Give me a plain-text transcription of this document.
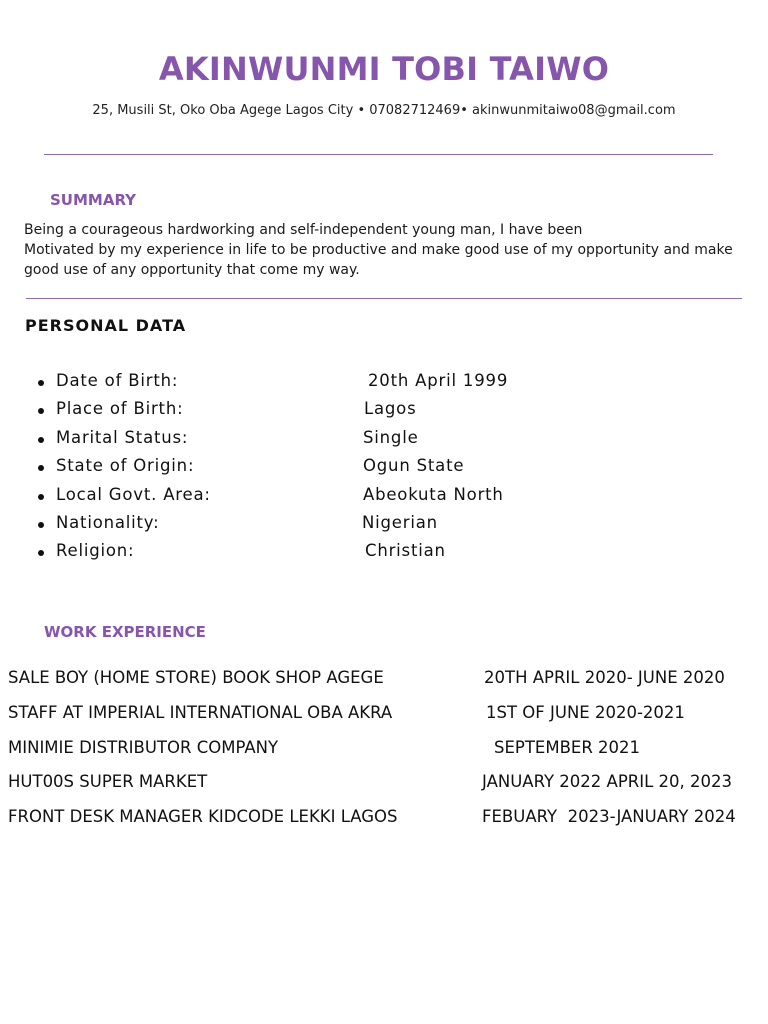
AKINWUNMI TOBI TAIWO
25, Musili St, Oko Oba Agege Lagos City • 07082712469• akinwunmitaiwo08@gmail.com
SUMMARY
Being a courageous hardworking and self-independent young man, I have been
Motivated by my experience in life to be productive and make good use of my opportunity and make
good use of any opportunity that come my way.
PERSONAL DATA
Date of Birth:	20th April 1999
Place of Birth:	Lagos
Marital Status:	Single
State of Origin:	Ogun State
Local Govt. Area:	Abeokuta North
Nationality:	Nigerian
Religion:	Christian
WORK EXPERIENCE
SALE BOY (HOME STORE) BOOK SHOP AGEGE	20TH APRIL 2020- JUNE 2020
STAFF AT IMPERIAL INTERNATIONAL OBA AKRA	1ST OF JUNE 2020-2021
MINIMIE DISTRIBUTOR COMPANY	SEPTEMBER 2021
HUT00S SUPER MARKET	JANUARY 2022 APRIL 20, 2023
FRONT DESK MANAGER KIDCODE LEKKI LAGOS	FEBUARY  2023-JANUARY 2024
